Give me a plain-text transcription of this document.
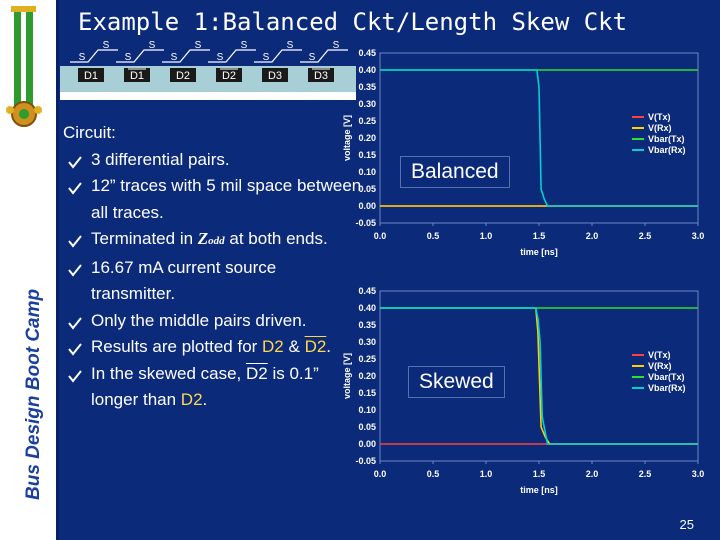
Bus Design Boot Camp
Example 1:Balanced Ckt/Length Skew Ckt
S
S
S
S
S
S
S
S
S
S
S
S
D1	D1	D2	D2	D3	D3
Circuit:
3 differential pairs.
12” traces with 5 mil space between all traces.
Terminated in Zodd at both ends.
16.67 mA current source transmitter.
Only the middle pairs driven.
Results are plotted for D2 & D2.
In the skewed case, D2 is 0.1” longer than D2.
-0.05
0.00
0.05
0.10
0.15
0.20
0.25
0.30
0.35
0.40
0.45
0.0	0.5	1.0	1.5	2.0	2.5	3.0
time [ns]
voltage [V]	V(Tx)
V(Rx)
Vbar(Tx)
Vbar(Rx)
Balanced
-0.05
0.00
0.05
0.10
0.15
0.20
0.25
0.30
0.35
0.40
0.45
0.0	0.5	1.0	1.5	2.0	2.5	3.0
time [ns]
voltage [V]	V(Tx)
V(Rx)
Vbar(Tx)
Vbar(Rx)
Skewed
25
